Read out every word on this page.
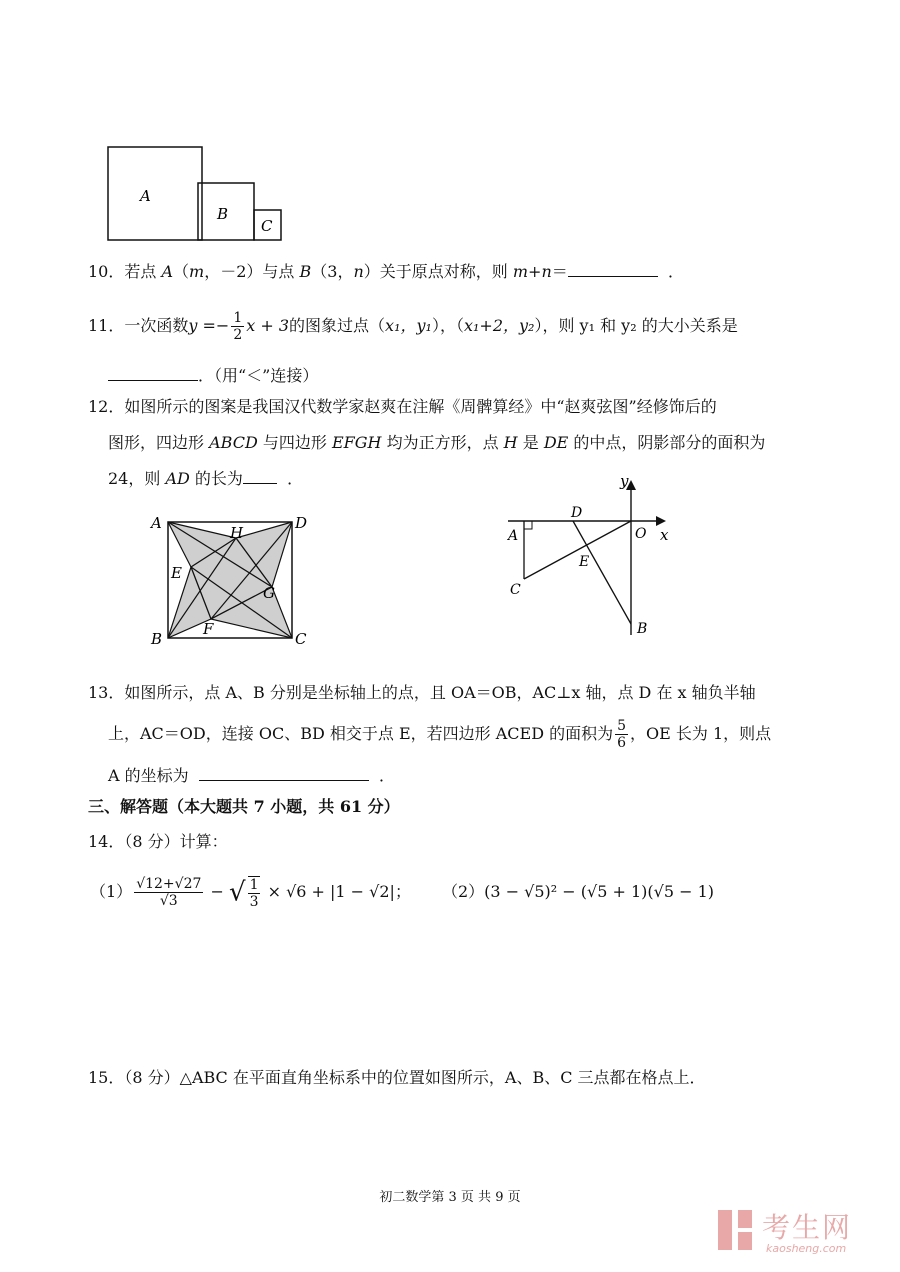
A
B
C
10．若点 A（m，－2）与点 B（3，n）关于原点对称，则 m+n＝	．
11．一次函数$y =- \frac{1}{2}$ x + 3的图象过点（x₁，y₁），（x₁+2，y₂），则 y₁ 和 y₂ 的大小关系是
．（用“＜”连接）
12．如图所示的图案是我国汉代数学家赵爽在注解《周髀算经》中“赵爽弦图”经修饰后的
图形，四边形 ABCD 与四边形 EFGH 均为正方形，点 H 是 DE 的中点，阴影部分的面积为
24，则 AD 的长为	．
A	D
H
E
G
F
B	C
y
x
O
A
D
E
C
B
13．如图所示，点 A、B 分别是坐标轴上的点，且 OA＝OB，AC⊥x 轴，点 D 在 x 轴负半轴
上，AC＝OD，连接 OC、BD 相交于点 E，若四边形 ACED 的面积为 $\frac{5}{6}$ ，OE 长为 1，则点
A 的坐标为	．
三、解答题（本大题共 7 小题，共 61 分）
14．（8 分）计算：
$(1) \frac{√12+√27}{√3}$ − √ $\frac{1}{3} \times √6 + |1 - √2|$； （2）(3 − √5)² − (√5 + 1)(√5 − 1)
15．（8 分）△ABC 在平面直角坐标系中的位置如图所示，A、B、C 三点都在格点上．
初二数学第 3 页 共 9 页
考生网
kaosheng.com
